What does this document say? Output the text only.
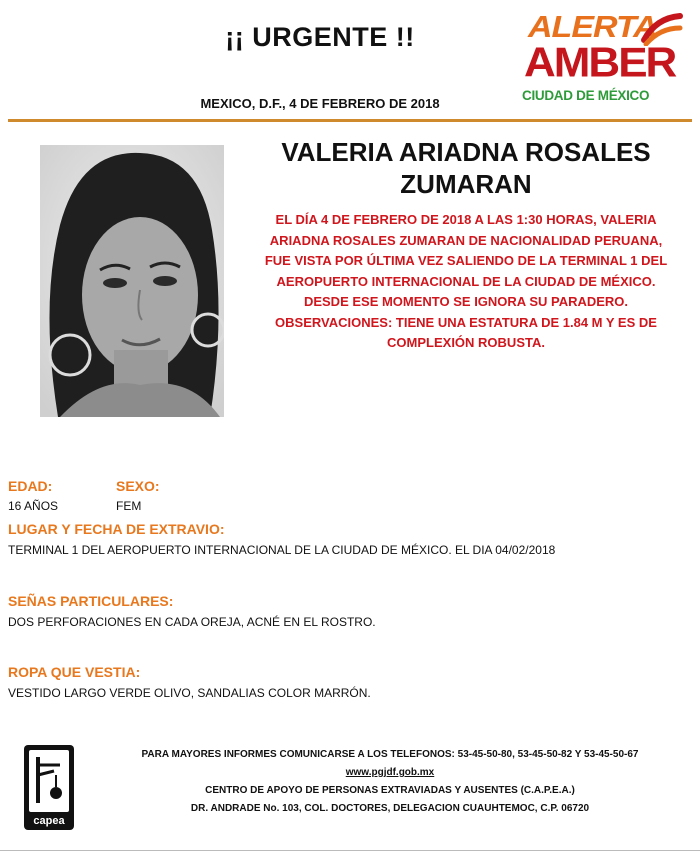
¡¡ URGENTE !!
MEXICO, D.F., 4 DE FEBRERO DE 2018
ALERTA
AMBER
CIUDAD DE MÉXICO
VALERIA ARIADNA ROSALES ZUMARAN
EL DÍA 4 DE FEBRERO DE 2018 A LAS 1:30 HORAS, VALERIA ARIADNA ROSALES ZUMARAN DE NACIONALIDAD PERUANA, FUE VISTA POR ÚLTIMA VEZ SALIENDO DE LA TERMINAL 1 DEL AEROPUERTO INTERNACIONAL DE LA CIUDAD DE MÉXICO. DESDE ESE MOMENTO SE IGNORA SU PARADERO.
OBSERVACIONES: TIENE UNA ESTATURA DE 1.84 M Y ES DE COMPLEXIÓN ROBUSTA.
EDAD:
16 AÑOS
SEXO:
FEM
LUGAR Y FECHA DE EXTRAVIO:
TERMINAL 1 DEL AEROPUERTO INTERNACIONAL DE LA CIUDAD DE MÉXICO. EL DIA 04/02/2018
SEÑAS PARTICULARES:
DOS PERFORACIONES EN CADA OREJA, ACNÉ EN EL ROSTRO.
ROPA QUE VESTIA:
VESTIDO LARGO VERDE OLIVO, SANDALIAS COLOR MARRÓN.
capea
PARA MAYORES INFORMES COMUNICARSE A LOS TELEFONOS: 53-45-50-80, 53-45-50-82 Y 53-45-50-67
www.pgjdf.gob.mx
CENTRO DE APOYO DE PERSONAS EXTRAVIADAS Y AUSENTES (C.A.P.E.A.)
DR. ANDRADE No. 103, COL. DOCTORES, DELEGACION CUAUHTEMOC, C.P. 06720
